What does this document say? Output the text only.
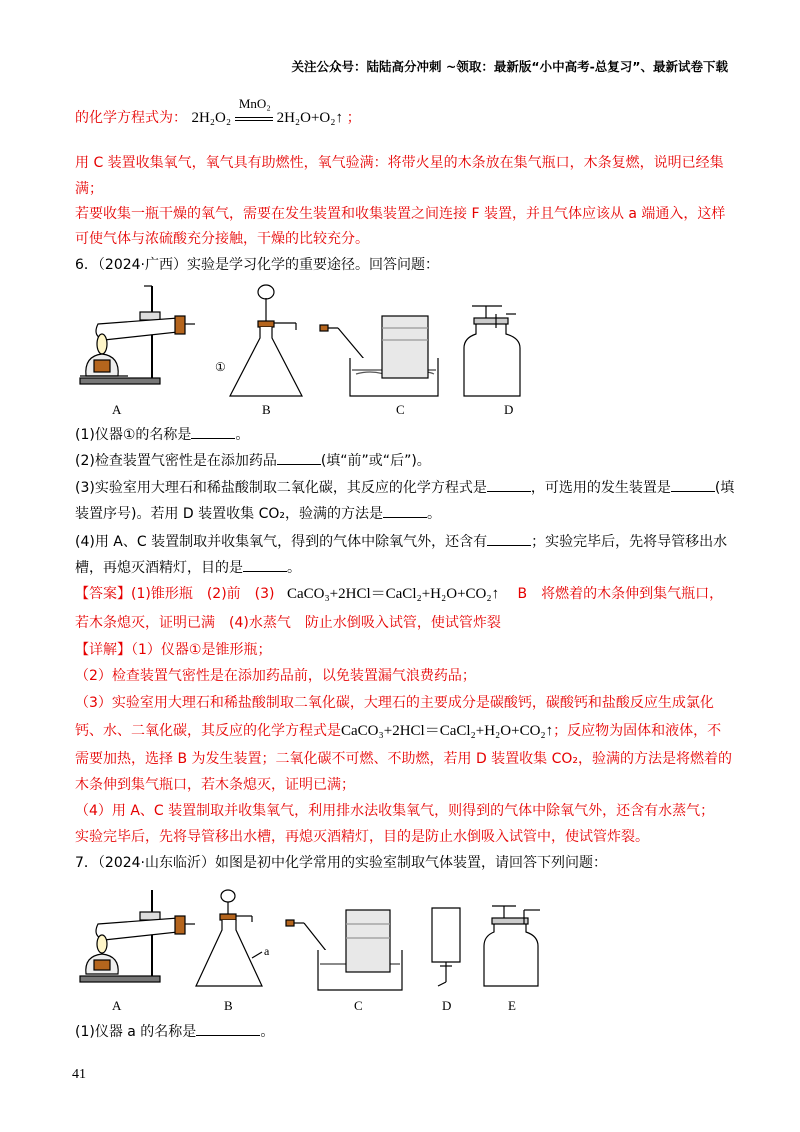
关注公众号：陆陆高分冲刺 ~领取：最新版“小中高考-总复习”、最新试卷下载
的化学方程式为： 2H₂O₂
MnO₂
2H₂O+O₂↑ ；
用 C 装置收集氧气，氧气具有助燃性，氧气验满：将带火星的木条放在集气瓶口，木条复燃，说明已经集
满；
若要收集一瓶干燥的氧气，需要在发生装置和收集装置之间连接 F 装置，并且气体应该从 a 端通入，这样
可使气体与浓硫酸充分接触，干燥的比较充分。
6．（2024·广西）实验是学习化学的重要途径。回答问题：
A	B	C	D
①
(1)仪器①的名称是	。
(2)检查装置气密性是在添加药品	(填“前”或“后”)。
(3)实验室用大理石和稀盐酸制取二氧化碳，其反应的化学方程式是	，可选用的发生装置是	(填
装置序号)。若用 D 装置收集 CO₂，验满的方法是	。
(4)用 A、C 装置制取并收集氧气，得到的气体中除氧气外，还含有	；实验完毕后，先将导管移出水
槽，再熄灭酒精灯，目的是	。
【答案】(1)锥形瓶　(2)前　(3) CaCO₃+2HCl＝CaCl₂+H₂O+CO₂↑ B　将燃着的木条伸到集气瓶口，
若木条熄灭，证明已满　(4)水蒸气　防止水倒吸入试管，使试管炸裂
【详解】（1）仪器①是锥形瓶；
（2）检查装置气密性是在添加药品前，以免装置漏气浪费药品；
（3）实验室用大理石和稀盐酸制取二氧化碳，大理石的主要成分是碳酸钙，碳酸钙和盐酸反应生成氯化
钙、水、二氧化碳，其反应的化学方程式是CaCO₃+2HCl＝CaCl₂+H₂O+CO₂↑；反应物为固体和液体，不
需要加热，选择 B 为发生装置；二氧化碳不可燃、不助燃，若用 D 装置收集 CO₂，验满的方法是将燃着的
木条伸到集气瓶口，若木条熄灭，证明已满；
（4）用 A、C 装置制取并收集氧气，利用排水法收集氧气，则得到的气体中除氧气外，还含有水蒸气；
实验完毕后，先将导管移出水槽，再熄灭酒精灯，目的是防止水倒吸入试管中，使试管炸裂。
7．（2024·山东临沂）如图是初中化学常用的实验室制取气体装置，请回答下列问题：
A	B	C	D	E
a
(1)仪器 a 的名称是	。
41
